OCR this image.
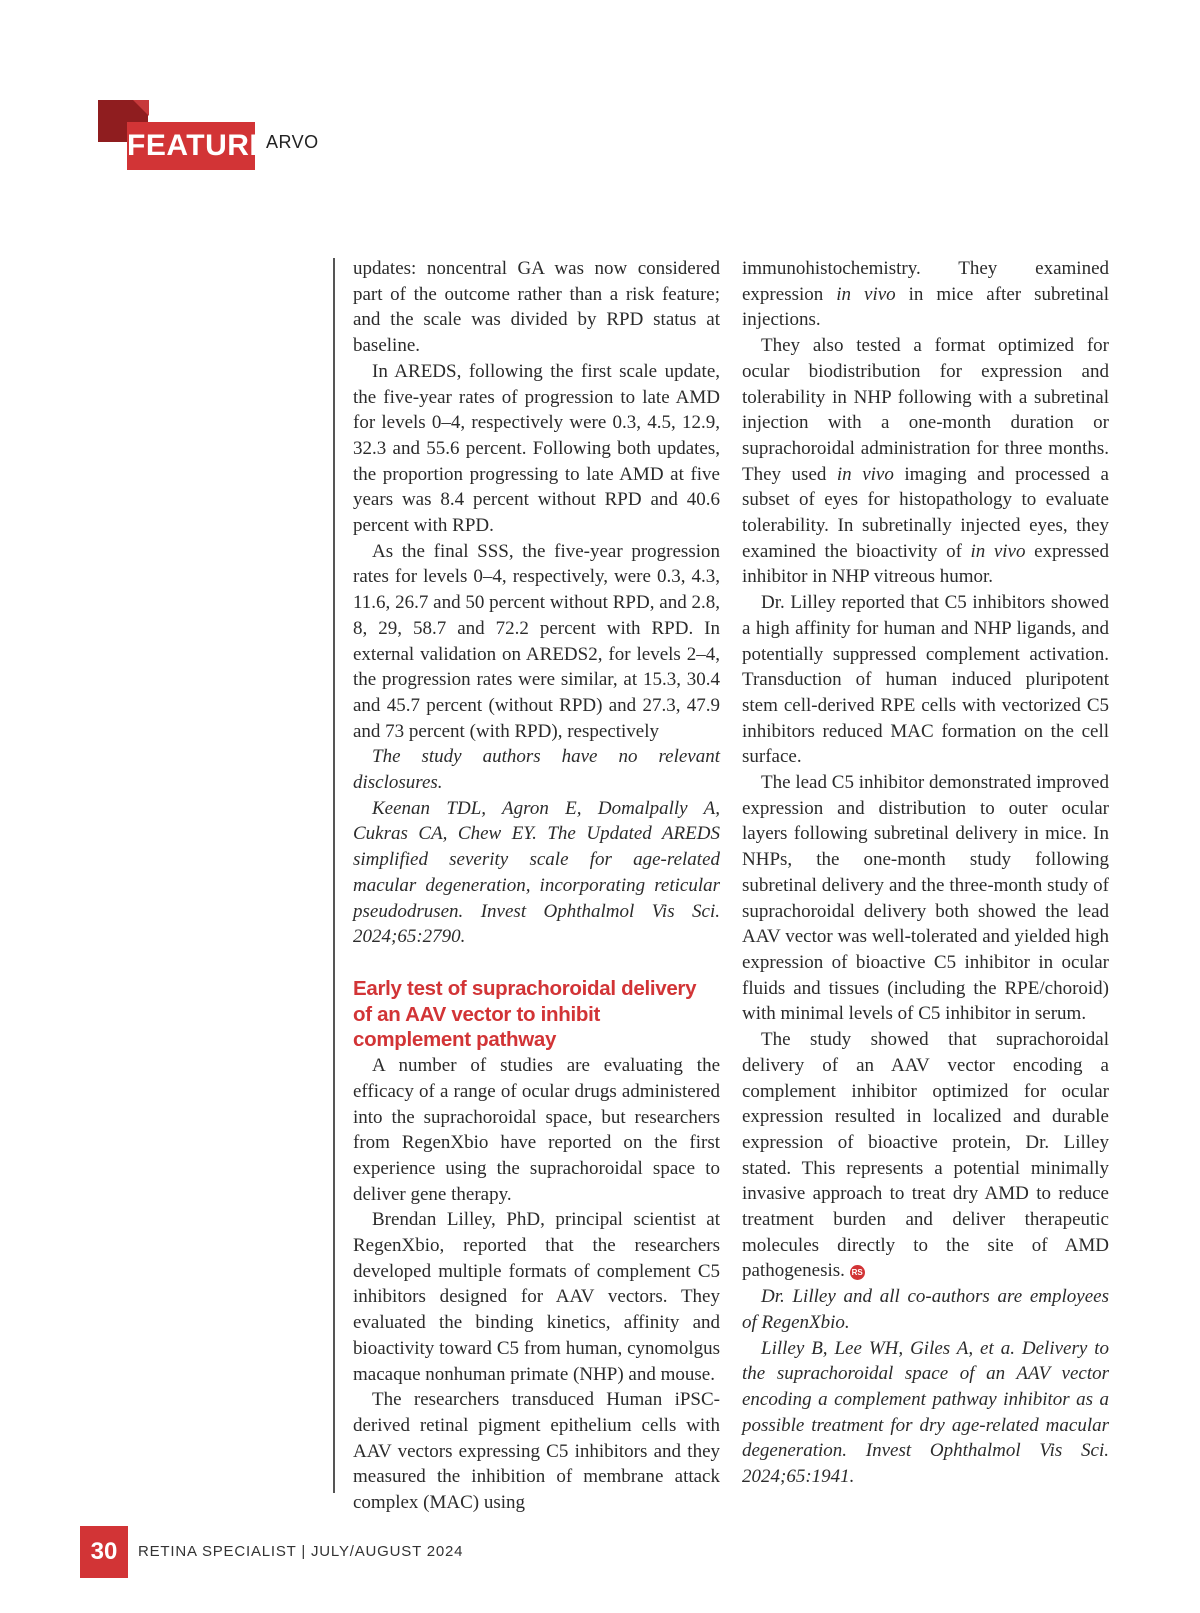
FEATURE
ARVO

updates: noncentral GA was now considered part of the outcome rather than a risk feature; and the scale was divided by RPD status at baseline.

In AREDS, following the first scale update, the five-year rates of progression to late AMD for levels 0–4, respectively were 0.3, 4.5, 12.9, 32.3 and 55.6 percent. Following both updates, the proportion progressing to late AMD at five years was 8.4 percent without RPD and 40.6 percent with RPD.

As the final SSS, the five-year progression rates for levels 0–4, respectively, were 0.3, 4.3, 11.6, 26.7 and 50 percent without RPD, and 2.8, 8, 29, 58.7 and 72.2 percent with RPD. In external validation on AREDS2, for levels 2–4, the progression rates were similar, at 15.3, 30.4 and 45.7 percent (without RPD) and 27.3, 47.9 and 73 percent (with RPD), respectively

The study authors have no relevant disclosures.

Keenan TDL, Agron E, Domalpally A, Cukras CA, Chew EY. The Updated AREDS simplified severity scale for age-related macular degeneration, incorporating reticular pseudodrusen. Invest Ophthalmol Vis Sci. 2024;65:2790.

Early test of suprachoroidal delivery of an AAV vector to inhibit complement pathway

A number of studies are evaluating the efficacy of a range of ocular drugs administered into the suprachoroidal space, but researchers from RegenXbio have reported on the first experience using the suprachoroidal space to deliver gene therapy.

Brendan Lilley, PhD, principal scientist at RegenXbio, reported that the researchers developed multiple formats of complement C5 inhibitors designed for AAV vectors. They evaluated the binding kinetics, affinity and bioactivity toward C5 from human, cynomolgus macaque nonhuman primate (NHP) and mouse.

The researchers transduced Human iPSC-derived retinal pigment epithelium cells with AAV vectors expressing C5 inhibitors and they measured the inhibition of membrane attack complex (MAC) using

immunohistochemistry. They examined expression in vivo in mice after subretinal injections.

They also tested a format optimized for ocular biodistribution for expression and tolerability in NHP following with a subretinal injection with a one-month duration or suprachoroidal administration for three months. They used in vivo imaging and processed a subset of eyes for histopathology to evaluate tolerability. In subretinally injected eyes, they examined the bioactivity of in vivo expressed inhibitor in NHP vitreous humor.

Dr. Lilley reported that C5 inhibitors showed a high affinity for human and NHP ligands, and potentially suppressed complement activation. Transduction of human induced pluripotent stem cell-derived RPE cells with vectorized C5 inhibitors reduced MAC formation on the cell surface.

The lead C5 inhibitor demonstrated improved expression and distribution to outer ocular layers following subretinal delivery in mice. In NHPs, the one-month study following subretinal delivery and the three-month study of suprachoroidal delivery both showed the lead AAV vector was well-tolerated and yielded high expression of bioactive C5 inhibitor in ocular fluids and tissues (including the RPE/choroid) with minimal levels of C5 inhibitor in serum.

The study showed that suprachoroidal delivery of an AAV vector encoding a complement inhibitor optimized for ocular expression resulted in localized and durable expression of bioactive protein, Dr. Lilley stated. This represents a potential minimally invasive approach to treat dry AMD to reduce treatment burden and deliver therapeutic molecules directly to the site of AMD pathogenesis. RS

Dr. Lilley and all co-authors are employees of RegenXbio.

Lilley B, Lee WH, Giles A, et a. Delivery to the suprachoroidal space of an AAV vector encoding a complement pathway inhibitor as a possible treatment for dry age-related macular degeneration. Invest Ophthalmol Vis Sci. 2024;65:1941.

30	RETINA SPECIALIST | JULY/AUGUST 2024
